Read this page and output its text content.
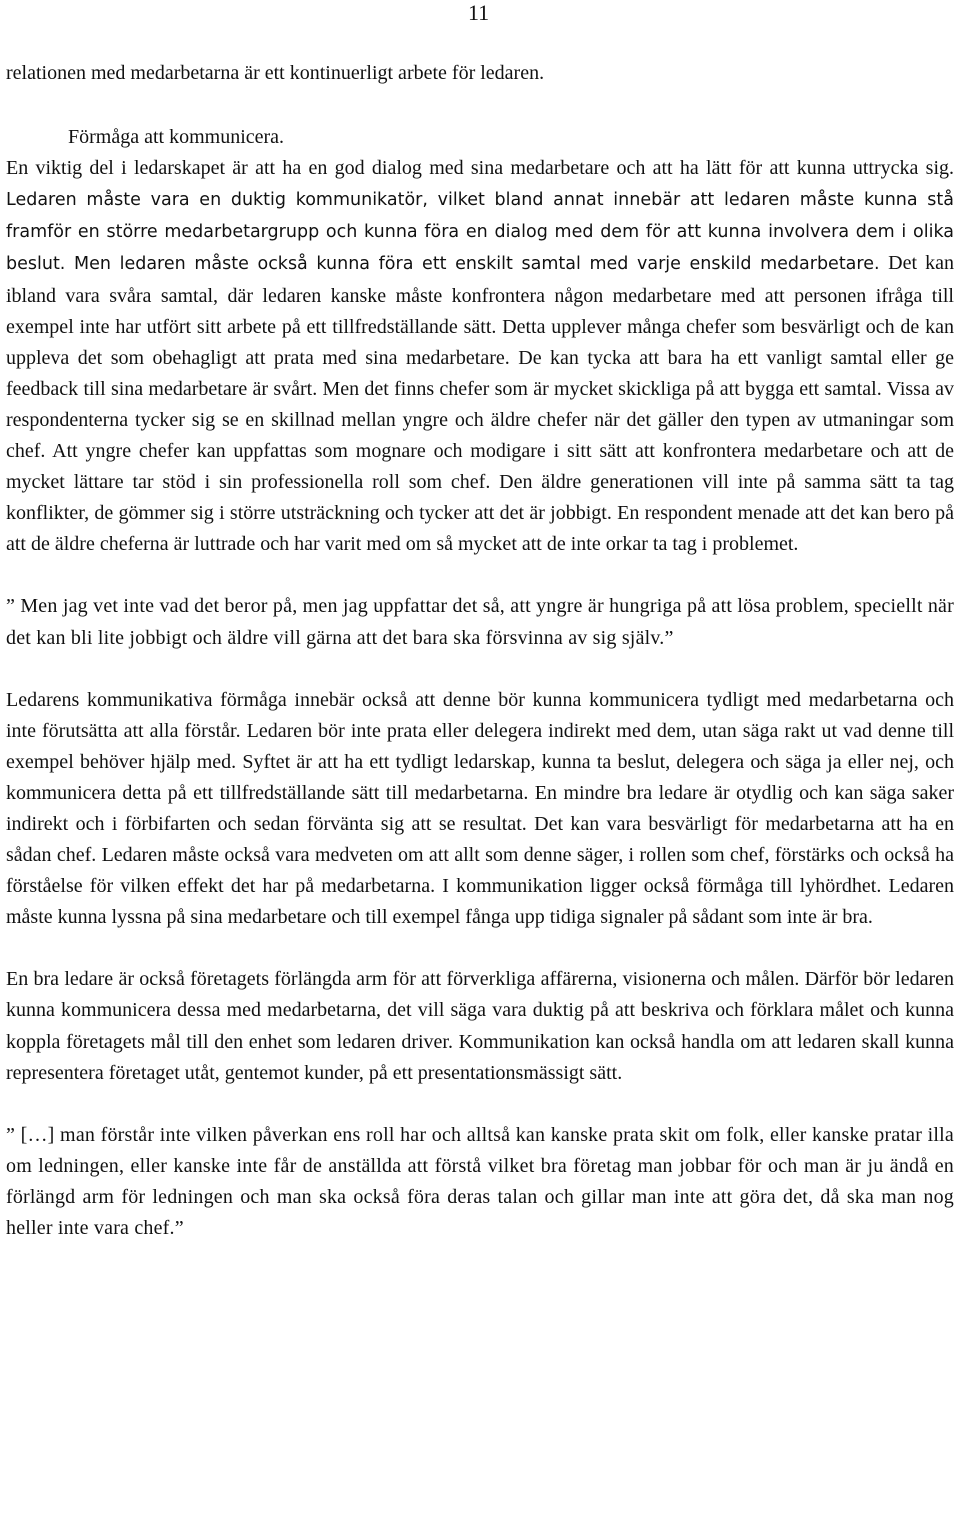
11

relationen med medarbetarna är ett kontinuerligt arbete för ledaren.

Förmåga att kommunicera.

En viktig del i ledarskapet är att ha en god dialog med sina medarbetare och att ha lätt för att kunna uttrycka sig. Ledaren måste vara en duktig kommunikatör, vilket bland annat innebär att ledaren måste kunna stå framför en större medarbetargrupp och kunna föra en dialog med dem för att kunna involvera dem i olika beslut. Men ledaren måste också kunna föra ett enskilt samtal med varje enskild medarbetare. Det kan ibland vara svåra samtal, där ledaren kanske måste konfrontera någon medarbetare med att personen ifråga till exempel inte har utfört sitt arbete på ett tillfredställande sätt. Detta upplever många chefer som besvärligt och de kan uppleva det som obehagligt att prata med sina medarbetare. De kan tycka att bara ha ett vanligt samtal eller ge feedback till sina medarbetare är svårt. Men det finns chefer som är mycket skickliga på att bygga ett samtal. Vissa av respondenterna tycker sig se en skillnad mellan yngre och äldre chefer när det gäller den typen av utmaningar som chef. Att yngre chefer kan uppfattas som mognare och modigare i sitt sätt att konfrontera medarbetare och att de mycket lättare tar stöd i sin professionella roll som chef. Den äldre generationen vill inte på samma sätt ta tag konflikter, de gömmer sig i större utsträckning och tycker att det är jobbigt. En respondent menade att det kan bero på att de äldre cheferna är luttrade och har varit med om så mycket att de inte orkar ta tag i problemet.

” Men jag vet inte vad det beror på, men jag uppfattar det så, att yngre är hungriga på att lösa problem, speciellt när det kan bli lite jobbigt och äldre vill gärna att det bara ska försvinna av sig själv.”

Ledarens kommunikativa förmåga innebär också att denne bör kunna kommunicera tydligt med medarbetarna och inte förutsätta att alla förstår. Ledaren bör inte prata eller delegera indirekt med dem, utan säga rakt ut vad denne till exempel behöver hjälp med. Syftet är att ha ett tydligt ledarskap, kunna ta beslut, delegera och säga ja eller nej, och kommunicera detta på ett tillfredställande sätt till medarbetarna. En mindre bra ledare är otydlig och kan säga saker indirekt och i förbifarten och sedan förvänta sig att se resultat. Det kan vara besvärligt för medarbetarna att ha en sådan chef. Ledaren måste också vara medveten om att allt som denne säger, i rollen som chef, förstärks och också ha förståelse för vilken effekt det har på medarbetarna. I kommunikation ligger också förmåga till lyhördhet. Ledaren måste kunna lyssna på sina medarbetare och till exempel fånga upp tidiga signaler på sådant som inte är bra.

En bra ledare är också företagets förlängda arm för att förverkliga affärerna, visionerna och målen. Därför bör ledaren kunna kommunicera dessa med medarbetarna, det vill säga vara duktig på att beskriva och förklara målet och kunna koppla företagets mål till den enhet som ledaren driver. Kommunikation kan också handla om att ledaren skall kunna representera företaget utåt, gentemot kunder, på ett presentationsmässigt sätt.

” […] man förstår inte vilken påverkan ens roll har och alltså kan kanske prata skit om folk, eller kanske pratar illa om ledningen, eller kanske inte får de anställda att förstå vilket bra företag man jobbar för och man är ju ändå en förlängd arm för ledningen och man ska också föra deras talan och gillar man inte att göra det, då ska man nog heller inte vara chef.”
